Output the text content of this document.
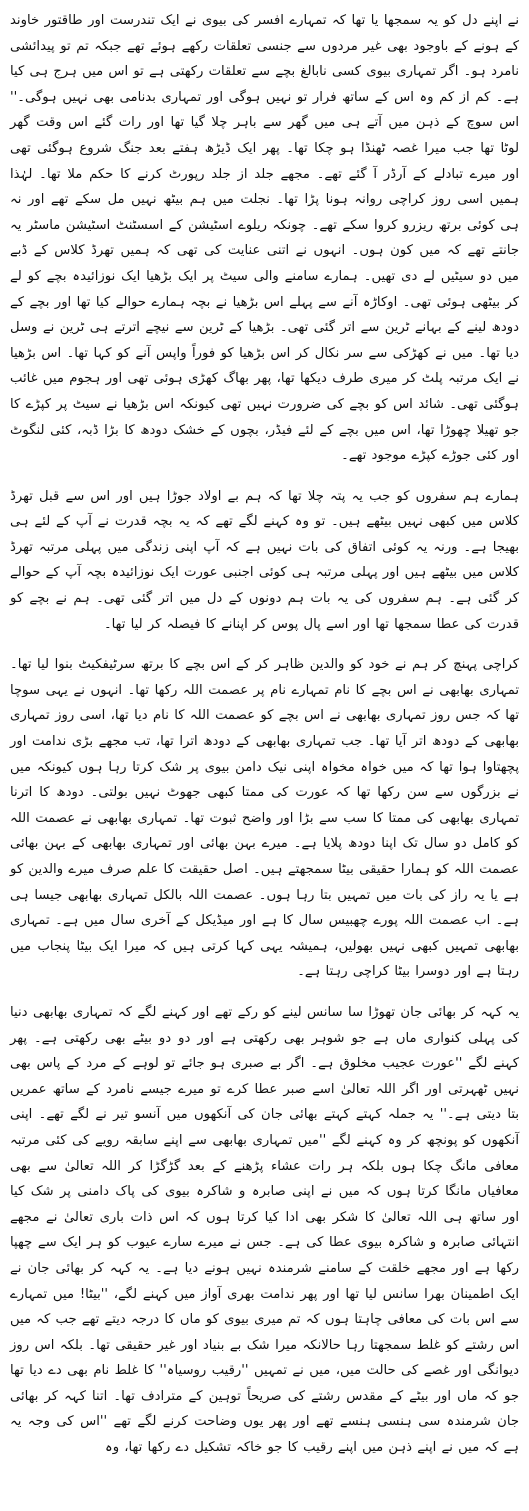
نے اپنے دل کو یہ سمجھا یا تھا کہ تمہارے افسر کی بیوی نے ایک تندرست اور طاقتور خاوند کے ہونے کے باوجود بھی غیر مردوں سے جنسی تعلقات رکھے ہوئے تھے جبکہ تم تو پیدائشی نامرد ہو۔ اگر تمہاری بیوی کسی نابالغ بچے سے تعلقات رکھتی ہے تو اس میں ہرج ہی کیا ہے۔ کم از کم وہ اس کے ساتھ فرار تو نہیں ہوگی اور تمہاری بدنامی بھی نہیں ہوگی۔'' اس سوچ کے ذہن میں آتے ہی میں گھر سے باہر چلا گیا تھا اور رات گئے اس وقت گھر لوٹا تھا جب میرا غصہ ٹھنڈا ہو چکا تھا۔ پھر ایک ڈیڑھ ہفتے بعد جنگ شروع ہوگئی تھی اور میرے تبادلے کے آرڈر آ گئے تھے۔ مجھے جلد از جلد رپورٹ کرنے کا حکم ملا تھا۔ لہٰذا ہمیں اسی روز کراچی روانہ ہونا پڑا تھا۔ نجلت میں ہم بیٹھ نہیں مل سکے تھے اور نہ ہی کوئی برتھ ریزرو کروا سکے تھے۔ چونکہ ریلوے اسٹیشن کے اسسٹنٹ اسٹیشن ماسٹر یہ جانتے تھے کہ میں کون ہوں۔ انہوں نے اتنی عنایت کی تھی کہ ہمیں تھرڈ کلاس کے ڈبے میں دو سیٹیں لے دی تھیں۔ ہمارے سامنے والی سیٹ پر ایک بڑھیا ایک نوزائیدہ بچے کو لے کر بیٹھی ہوئی تھی۔ اوکاڑہ آنے سے پہلے اس بڑھیا نے بچہ ہمارے حوالے کیا تھا اور بچے کے دودھ لینے کے بہانے ٹرین سے اتر گئی تھی۔ بڑھیا کے ٹرین سے نیچے اترتے ہی ٹرین نے وسل دیا تھا۔ میں نے کھڑکی سے سر نکال کر اس بڑھیا کو فوراً واپس آنے کو کہا تھا۔ اس بڑھیا نے ایک مرتبہ پلٹ کر میری طرف دیکھا تھا، پھر بھاگ کھڑی ہوئی تھی اور ہجوم میں غائب ہوگئی تھی۔ شائد اس کو بچے کی ضرورت نہیں تھی کیونکہ اس بڑھیا نے سیٹ پر کپڑے کا جو تھیلا چھوڑا تھا، اس میں بچے کے لئے فیڈر، بچوں کے خشک دودھ کا بڑا ڈبہ، کئی لنگوٹ اور کئی جوڑے کپڑے موجود تھے۔

ہمارے ہم سفروں کو جب یہ پتہ چلا تھا کہ ہم بے اولاد جوڑا ہیں اور اس سے قبل تھرڈ کلاس میں کبھی نہیں بیٹھے ہیں۔ تو وہ کہنے لگے تھے کہ یہ بچہ قدرت نے آپ کے لئے ہی بھیجا ہے۔ ورنہ یہ کوئی اتفاق کی بات نہیں ہے کہ آپ اپنی زندگی میں پہلی مرتبہ تھرڈ کلاس میں بیٹھے ہیں اور پہلی مرتبہ ہی کوئی اجنبی عورت ایک نوزائیدہ بچہ آپ کے حوالے کر گئی ہے۔ ہم سفروں کی یہ بات ہم دونوں کے دل میں اتر گئی تھی۔ ہم نے بچے کو قدرت کی عطا سمجھا تھا اور اسے پال پوس کر اپنانے کا فیصلہ کر لیا تھا۔

کراچی پہنچ کر ہم نے خود کو والدین ظاہر کر کے اس بچے کا برتھ سرٹیفکیٹ بنوا لیا تھا۔ تمہاری بھابھی نے اس بچے کا نام تمہارے نام پر عصمت اللہ رکھا تھا۔ انہوں نے یہی سوچا تھا کہ جس روز تمہاری بھابھی نے اس بچے کو عصمت اللہ کا نام دیا تھا، اسی روز تمہاری بھابھی کے دودھ اتر آیا تھا۔ جب تمہاری بھابھی کے دودھ اترا تھا، تب مجھے بڑی ندامت اور پچھتاوا ہوا تھا کہ میں خواہ مخواہ اپنی نیک دامن بیوی پر شک کرتا رہا ہوں کیونکہ میں نے بزرگوں سے سن رکھا تھا کہ عورت کی ممتا کبھی جھوٹ نہیں بولتی۔ دودھ کا اترنا تمہاری بھابھی کی ممتا کا سب سے بڑا اور واضح ثبوت تھا۔ تمہاری بھابھی نے عصمت اللہ کو کامل دو سال تک اپنا دودھ پلایا ہے۔ میرے بہن بھائی اور تمہاری بھابھی کے بہن بھائی عصمت اللہ کو ہمارا حقیقی بیٹا سمجھتے ہیں۔ اصل حقیقت کا علم صرف میرے والدین کو ہے یا یہ راز کی بات میں تمہیں بتا رہا ہوں۔ عصمت اللہ بالکل تمہاری بھابھی جیسا ہی ہے۔ اب عصمت اللہ پورے چھبیس سال کا ہے اور میڈیکل کے آخری سال میں ہے۔ تمہاری بھابھی تمہیں کبھی نہیں بھولیں، ہمیشہ یہی کہا کرتی ہیں کہ میرا ایک بیٹا پنجاب میں رہتا ہے اور دوسرا بیٹا کراچی رہتا ہے۔

یہ کہہ کر بھائی جان تھوڑا سا سانس لینے کو رکے تھے اور کہنے لگے کہ تمہاری بھابھی دنیا کی پہلی کنواری ماں ہے جو شوہر بھی رکھتی ہے اور دو دو بیٹے بھی رکھتی ہے۔ پھر کہنے لگے ''عورت عجیب مخلوق ہے۔ اگر بے صبری ہو جائے تو لوہے کے مرد کے پاس بھی نہیں ٹھہرتی اور اگر اللہ تعالیٰ اسے صبر عطا کرے تو میرے جیسے نامرد کے ساتھ عمریں بتا دیتی ہے۔'' یہ جملہ کہتے کہتے بھائی جان کی آنکھوں میں آنسو تیر نے لگے تھے۔ اپنی آنکھوں کو پونچھ کر وہ کہنے لگے ''میں تمہاری بھابھی سے اپنے سابقہ رویے کی کئی مرتبہ معافی مانگ چکا ہوں بلکہ ہر رات عشاء پڑھنے کے بعد گڑگڑا کر اللہ تعالیٰ سے بھی معافیاں مانگا کرتا ہوں کہ میں نے اپنی صابرہ و شاکرہ بیوی کی پاک دامنی پر شک کیا اور ساتھ ہی اللہ تعالیٰ کا شکر بھی ادا کیا کرتا ہوں کہ اس ذات باری تعالیٰ نے مجھے انتہائی صابرہ و شاکرہ بیوی عطا کی ہے۔ جس نے میرے سارے عیوب کو ہر ایک سے چھپا رکھا ہے اور مجھے خلقت کے سامنے شرمندہ نہیں ہونے دیا ہے۔ یہ کہہ کر بھائی جان نے ایک اطمینان بھرا سانس لیا تھا اور پھر ندامت بھری آواز میں کہنے لگے، ''بیٹا! میں تمہارے سے اس بات کی معافی چاہتا ہوں کہ تم میری بیوی کو ماں کا درجہ دیتے تھے جب کہ میں اس رشتے کو غلط سمجھتا رہا حالانکہ میرا شک بے بنیاد اور غیر حقیقی تھا۔ بلکہ اس روز دیوانگی اور غصے کی حالت میں، میں نے تمہیں ''رقیب روسیاہ'' کا غلط نام بھی دے دیا تھا جو کہ ماں اور بیٹے کے مقدس رشتے کی صریحاً توہین کے مترادف تھا۔ اتنا کہہ کر بھائی جان شرمندہ سی ہنسی ہنسے تھے اور پھر یوں وضاحت کرنے لگے تھے ''اس کی وجہ یہ ہے کہ میں نے اپنے ذہن میں اپنے رقیب کا جو خاکہ تشکیل دے رکھا تھا، وہ
